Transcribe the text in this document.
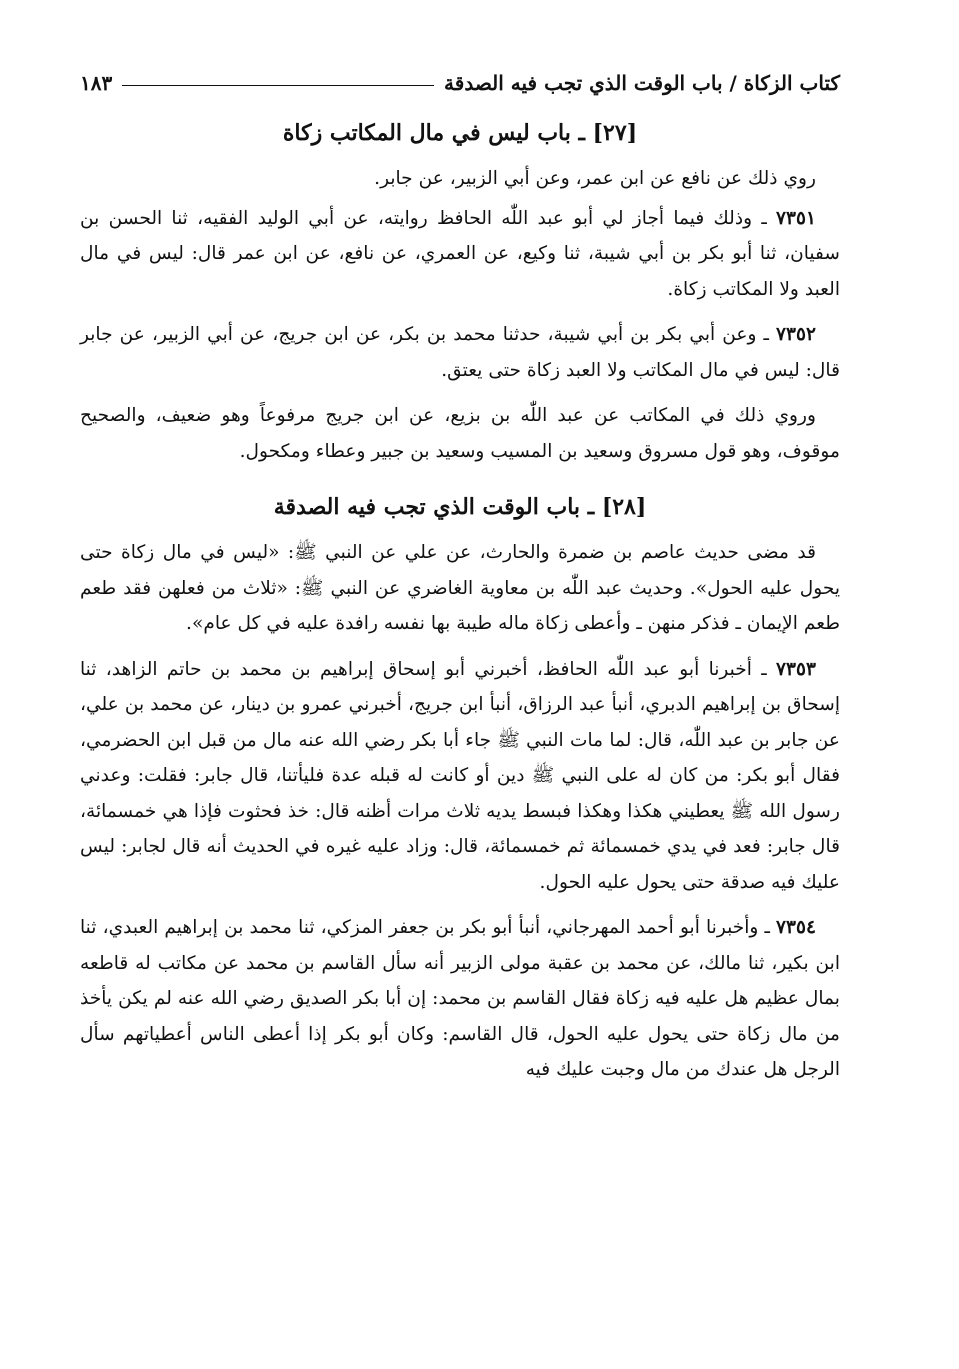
كتاب الزكاة / باب الوقت الذي تجب فيه الصدقة
١٨٣
[٢٧] ـ باب ليس في مال المكاتب زكاة

روي ذلك عن نافع عن ابن عمر، وعن أبي الزبير، عن جابر.

٧٣٥١ ـ وذلك فيما أجاز لي أبو عبد اللّٰه الحافظ روايته، عن أبي الوليد الفقيه، ثنا الحسن بن سفيان، ثنا أبو بكر بن أبي شيبة، ثنا وكيع، عن العمري، عن نافع، عن ابن عمر قال: ليس في مال العبد ولا المكاتب زكاة.

٧٣٥٢ ـ وعن أبي بكر بن أبي شيبة، حدثنا محمد بن بكر، عن ابن جريج، عن أبي الزبير، عن جابر قال: ليس في مال المكاتب ولا العبد زكاة حتى يعتق.

وروي ذلك في المكاتب عن عبد اللّٰه بن بزيع، عن ابن جريج مرفوعاً وهو ضعيف، والصحيح موقوف، وهو قول مسروق وسعيد بن المسيب وسعيد بن جبير وعطاء ومكحول.

[٢٨] ـ باب الوقت الذي تجب فيه الصدقة

قد مضى حديث عاصم بن ضمرة والحارث، عن علي عن النبي ﷺ: «ليس في مال زكاة حتى يحول عليه الحول». وحديث عبد اللّٰه بن معاوية الغاضري عن النبي ﷺ: «ثلاث من فعلهن فقد طعم طعم الإيمان ـ فذكر منهن ـ وأعطى زكاة ماله طيبة بها نفسه رافدة عليه في كل عام».

٧٣٥٣ ـ أخبرنا أبو عبد اللّٰه الحافظ، أخبرني أبو إسحاق إبراهيم بن محمد بن حاتم الزاهد، ثنا إسحاق بن إبراهيم الدبري، أنبأ عبد الرزاق، أنبأ ابن جريج، أخبرني عمرو بن دينار، عن محمد بن علي، عن جابر بن عبد اللّٰه، قال: لما مات النبي ﷺ جاء أبا بكر رضي الله عنه مال من قبل ابن الحضرمي، فقال أبو بكر: من كان له على النبي ﷺ دين أو كانت له قبله عدة فليأتنا، قال جابر: فقلت: وعدني رسول الله ﷺ يعطيني هكذا وهكذا فبسط يديه ثلاث مرات أظنه قال: خذ فحثوت فإذا هي خمسمائة، قال جابر: فعد في يدي خمسمائة ثم خمسمائة، قال: وزاد عليه غيره في الحديث أنه قال لجابر: ليس عليك فيه صدقة حتى يحول عليه الحول.

٧٣٥٤ ـ وأخبرنا أبو أحمد المهرجاني، أنبأ أبو بكر بن جعفر المزكي، ثنا محمد بن إبراهيم العبدي، ثنا ابن بكير، ثنا مالك، عن محمد بن عقبة مولى الزبير أنه سأل القاسم بن محمد عن مكاتب له قاطعه بمال عظيم هل عليه فيه زكاة فقال القاسم بن محمد: إن أبا بكر الصديق رضي الله عنه لم يكن يأخذ من مال زكاة حتى يحول عليه الحول، قال القاسم: وكان أبو بكر إذا أعطى الناس أعطياتهم سأل الرجل هل عندك من مال وجبت عليك فيه
